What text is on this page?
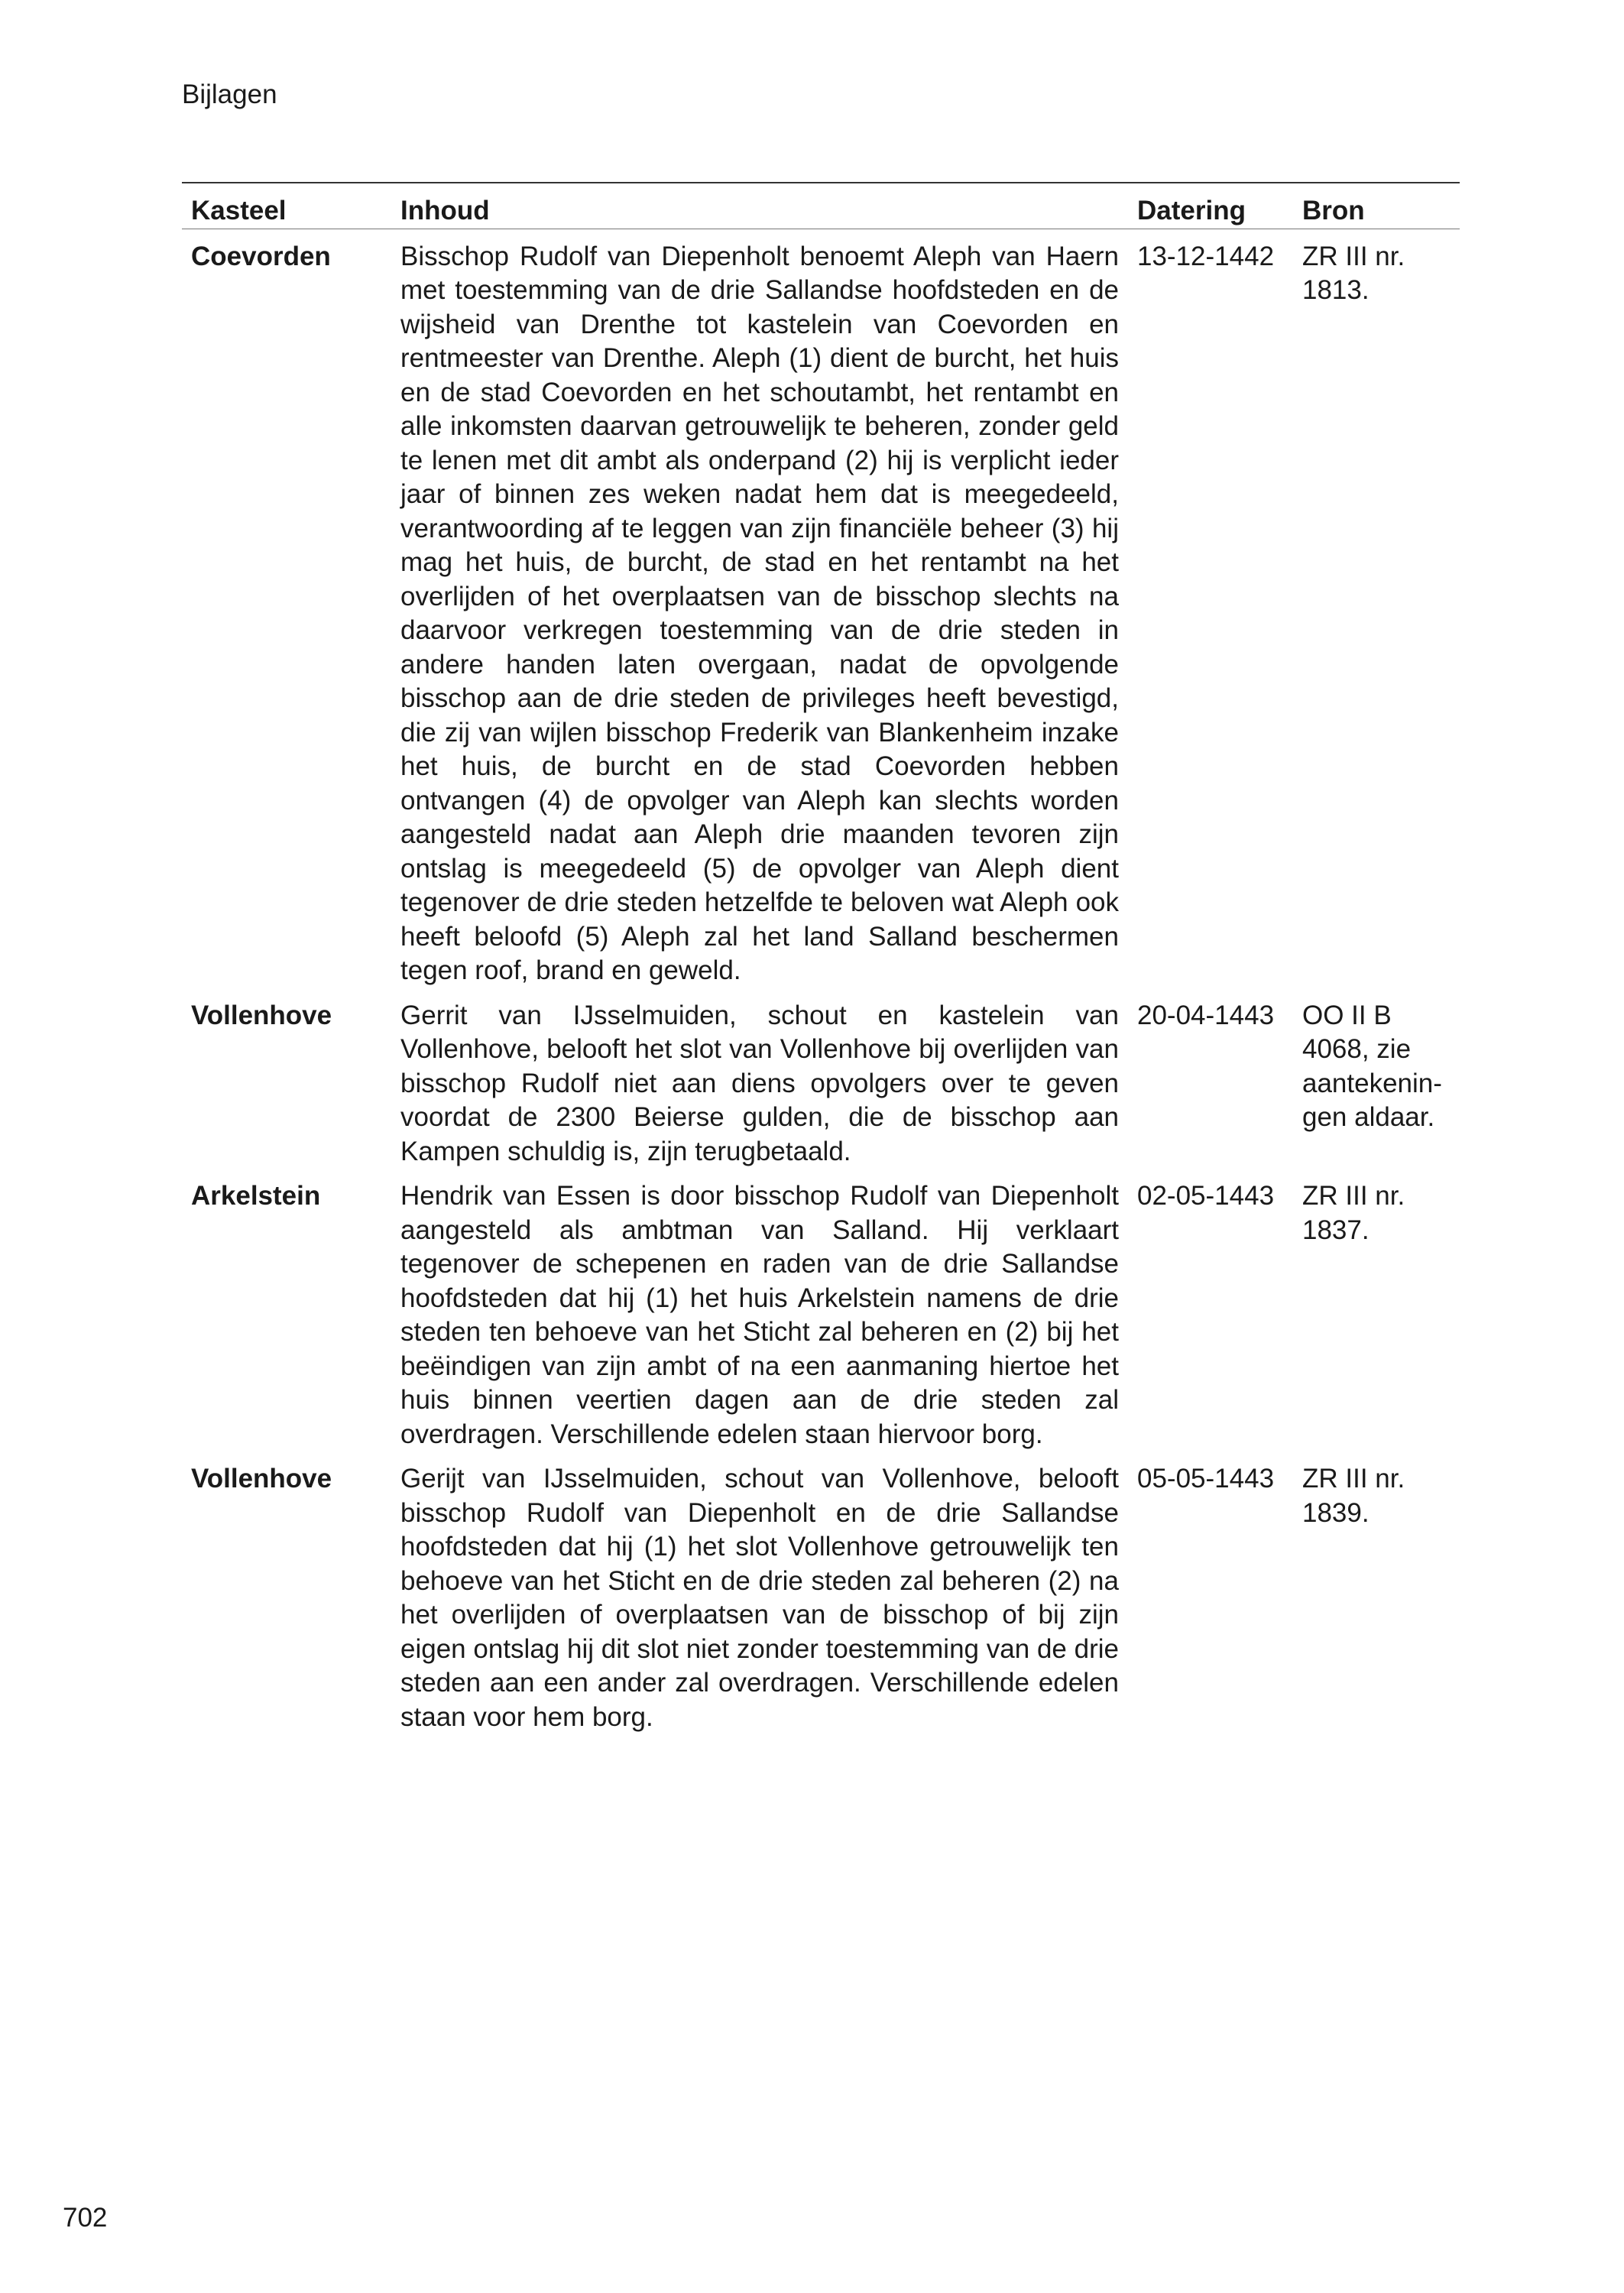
Bijlagen
Kasteel	Inhoud	Datering	Bron
Coevorden	Bisschop Rudolf van Diepenholt benoemt Aleph van Haern met toestemming van de drie Sallandse hoofdsteden en de wijsheid van Drenthe tot kastelein van Coevorden en rentmeester van Drenthe. Aleph (1) dient de burcht, het huis en de stad Coevorden en het schoutambt, het rentambt en alle inkomsten daarvan getrouwelijk te beheren, zonder geld te lenen met dit ambt als onderpand (2) hij is verplicht ieder jaar of binnen zes weken nadat hem dat is meegedeeld, verantwoording af te leggen van zijn financiële beheer (3) hij mag het huis, de burcht, de stad en het rentambt na het overlijden of het overplaatsen van de bisschop slechts na daarvoor verkregen toestemming van de drie steden in andere handen laten overgaan, nadat de opvolgende bisschop aan de drie steden de privileges heeft bevestigd, die zij van wijlen bisschop Frederik van Blankenheim inzake het huis, de burcht en de stad Coevorden hebben ontvangen (4) de opvolger van Aleph kan slechts worden aangesteld nadat aan Aleph drie maanden tevoren zijn ontslag is meegedeeld (5) de opvolger van Aleph dient tegenover de drie steden hetzelfde te beloven wat Aleph ook heeft beloofd (5) Aleph zal het land Salland beschermen tegen roof, brand en geweld.	13-12-1442	ZR III nr. 1813.
Vollenhove	Gerrit van IJsselmuiden, schout en kastelein van Vollenhove, belooft het slot van Vollenhove bij overlijden van bisschop Rudolf niet aan diens opvolgers over te geven voordat de 2300 Beierse gulden, die de bisschop aan Kampen schuldig is, zijn terugbetaald.	20-04-1443	OO II B 4068, zie aantekeningen aldaar.
Arkelstein	Hendrik van Essen is door bisschop Rudolf van Diepenholt aangesteld als ambtman van Salland. Hij verklaart tegenover de schepenen en raden van de drie Sallandse hoofdsteden dat hij (1) het huis Arkelstein namens de drie steden ten behoeve van het Sticht zal beheren en (2) bij het beëindigen van zijn ambt of na een aanmaning hiertoe het huis binnen veertien dagen aan de drie steden zal overdragen. Verschillende edelen staan hiervoor borg.	02-05-1443	ZR III nr. 1837.
Vollenhove	Gerijt van IJsselmuiden, schout van Vollenhove, belooft bisschop Rudolf van Diepenholt en de drie Sallandse hoofdsteden dat hij (1) het slot Vollenhove getrouwelijk ten behoeve van het Sticht en de drie steden zal beheren (2) na het overlijden of overplaatsen van de bisschop of bij zijn eigen ontslag hij dit slot niet zonder toestemming van de drie steden aan een ander zal overdragen. Verschillende edelen staan voor hem borg.	05-05-1443	ZR III nr. 1839.
702
